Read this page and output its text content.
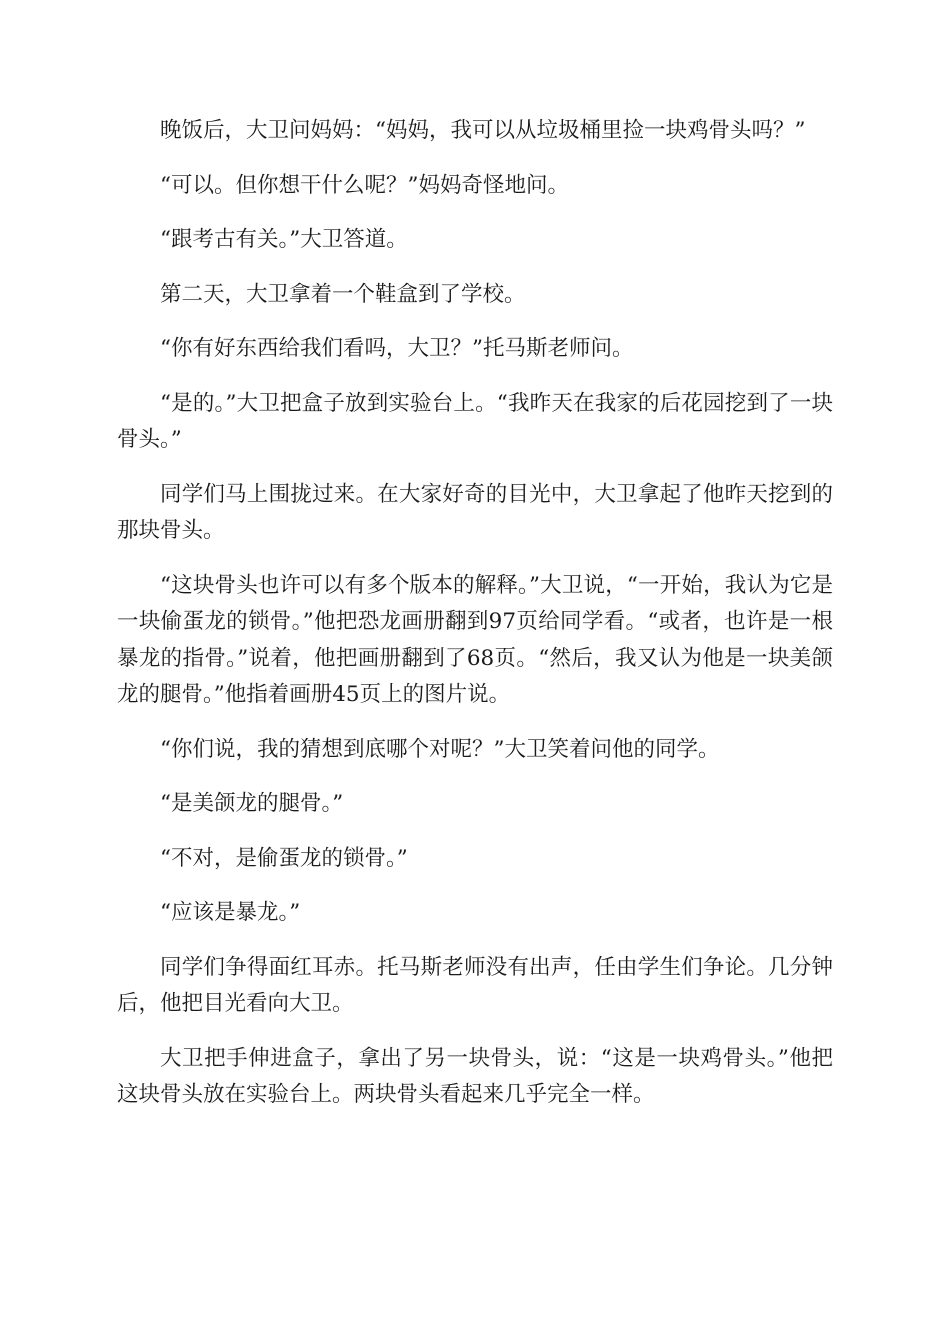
晚饭后，大卫问妈妈：“妈妈，我可以从垃圾桶里捡一块鸡骨头吗？”

“可以。但你想干什么呢？”妈妈奇怪地问。

“跟考古有关。”大卫答道。

第二天，大卫拿着一个鞋盒到了学校。

“你有好东西给我们看吗，大卫？”托马斯老师问。

“是的。”大卫把盒子放到实验台上。“我昨天在我家的后花园挖到了一块骨头。”

同学们马上围拢过来。在大家好奇的目光中，大卫拿起了他昨天挖到的那块骨头。

“这块骨头也许可以有多个版本的解释。”大卫说，“一开始，我认为它是一块偷蛋龙的锁骨。”他把恐龙画册翻到97页给同学看。“或者，也许是一根暴龙的指骨。”说着，他把画册翻到了68页。“然后，我又认为他是一块美颌龙的腿骨。”他指着画册45页上的图片说。

“你们说，我的猜想到底哪个对呢？”大卫笑着问他的同学。

“是美颌龙的腿骨。”

“不对，是偷蛋龙的锁骨。”

“应该是暴龙。”

同学们争得面红耳赤。托马斯老师没有出声，任由学生们争论。几分钟后，他把目光看向大卫。

大卫把手伸进盒子，拿出了另一块骨头，说：“这是一块鸡骨头。”他把这块骨头放在实验台上。两块骨头看起来几乎完全一样。
